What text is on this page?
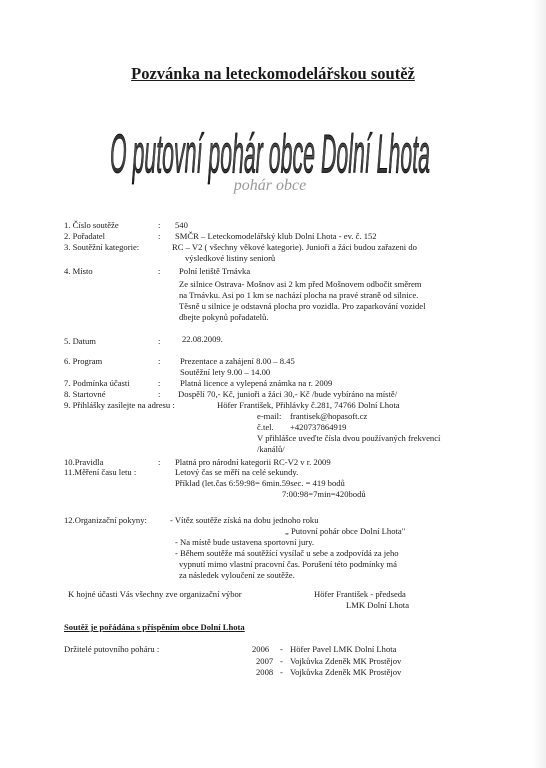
Pozvánka na leteckomodelářskou soutěž
pohár obce
O putovní pohár obce Dolní Lhota
1. Číslo soutěže	: 540
2. Pořadatel	: SMČR – Leteckomodelářský klub Dolní Lhota - ev. č. 152
3. Soutěžní kategorie:	RC – V2 ( všechny věkové kategorie). Junioři a žáci budou zařazeni do
výsledkové listiny seniorů
4. Místo	: Polní letiště Trnávka
Ze silnice Ostrava- Mošnov asi 2 km před Mošnovem odbočit směrem
na Trnávku. Asi po 1 km se nachází plocha na pravé straně od silnice.
Těsně u silnice je odstavná plocha pro vozidla. Pro zaparkování vozidel
dbejte pokynů pořadatelů.
5. Datum	:	22.08.2009.
6. Program	: Prezentace a zahájení 8.00 – 8.45
Soutěžní lety 9.00 – 14.00
7. Podmínka účasti	: Platná licence a vylepená známka na r. 2009
8. Startovné	: Dospělí 70,- Kč, junioři a žáci 30,- Kč /bude vybíráno na místě/
9. Přihlášky zasílejte na adresu :	Höfer František, Přihlávky č.281, 74766 Dolní Lhota
e-mail: frantisek@hopasoft.cz
č.tel. +420737864919
V přihlášce uveďte čísla dvou používaných frekvencí
/kanálů/
10.Pravidla	: Platná pro národní kategorii RC-V2 v r. 2009
11.Měření času letu :	Letový čas se měří na celé sekundy.
Příklad (let.čas 6:59:98= 6min.59sec. = 419 bodů
7:00:98=7min=420bodů
12.Organizační pokyny:	- Vítěz soutěže získá na dobu jednoho roku
„ Putovní pohár obce Dolní Lhota"
- Na místě bude ustavena sportovní jury.
- Během soutěže má soutěžící vysílač u sebe a zodpovídá za jeho
vypnutí mimo vlastní pracovní čas. Porušení této podmínky má
za následek vyloučení ze soutěže.
K hojné účasti Vás všechny zve organizační výbor	Höfer František - předseda
LMK Dolní Lhota
Soutěž je pořádána s příspěním obce Dolní Lhota
Držitelé putovního poháru :	2006 - Höfer Pavel LMK Dolní Lhota
2007 - Vojkůvka Zdeněk MK Prostějov
2008 - Vojkůvka Zdeněk MK Prostějov
